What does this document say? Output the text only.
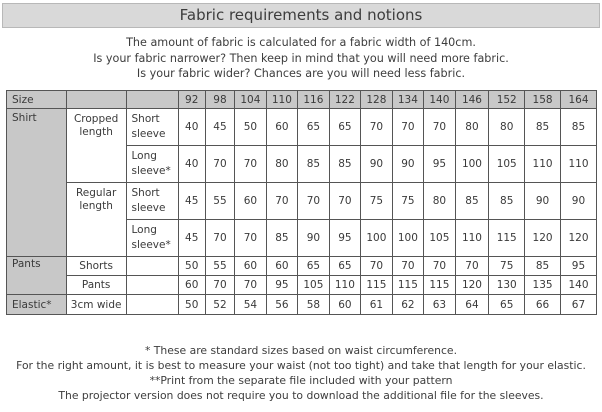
Fabric requirements and notions
The amount of fabric is calculated for a fabric width of 140cm.
Is your fabric narrower? Then keep in mind that you will need more fabric.
Is your fabric wider? Chances are you will need less fabric.
Size			92	98	104	110	116	122	128	134	140	146	152	158	164
Shirt	Cropped length	Short sleeve	40	45	50	60	65	65	70	70	70	80	80	85	85
		Long sleeve*	40	70	70	80	85	85	90	90	95	100	105	110	110
	Regular length	Short sleeve	45	55	60	70	70	70	75	75	80	85	85	90	90
		Long sleeve*	45	70	70	85	90	95	100	100	105	110	115	120	120
Pants	Shorts		50	55	60	60	65	65	70	70	70	70	75	85	95
	Pants		60	70	70	95	105	110	115	115	115	120	130	135	140
Elastic*	3cm wide		50	52	54	56	58	60	61	62	63	64	65	66	67
* These are standard sizes based on waist circumference.
For the right amount, it is best to measure your waist (not too tight) and take that length for your elastic.
**Print from the separate file included with your pattern
The projector version does not require you to download the additional file for the sleeves.
